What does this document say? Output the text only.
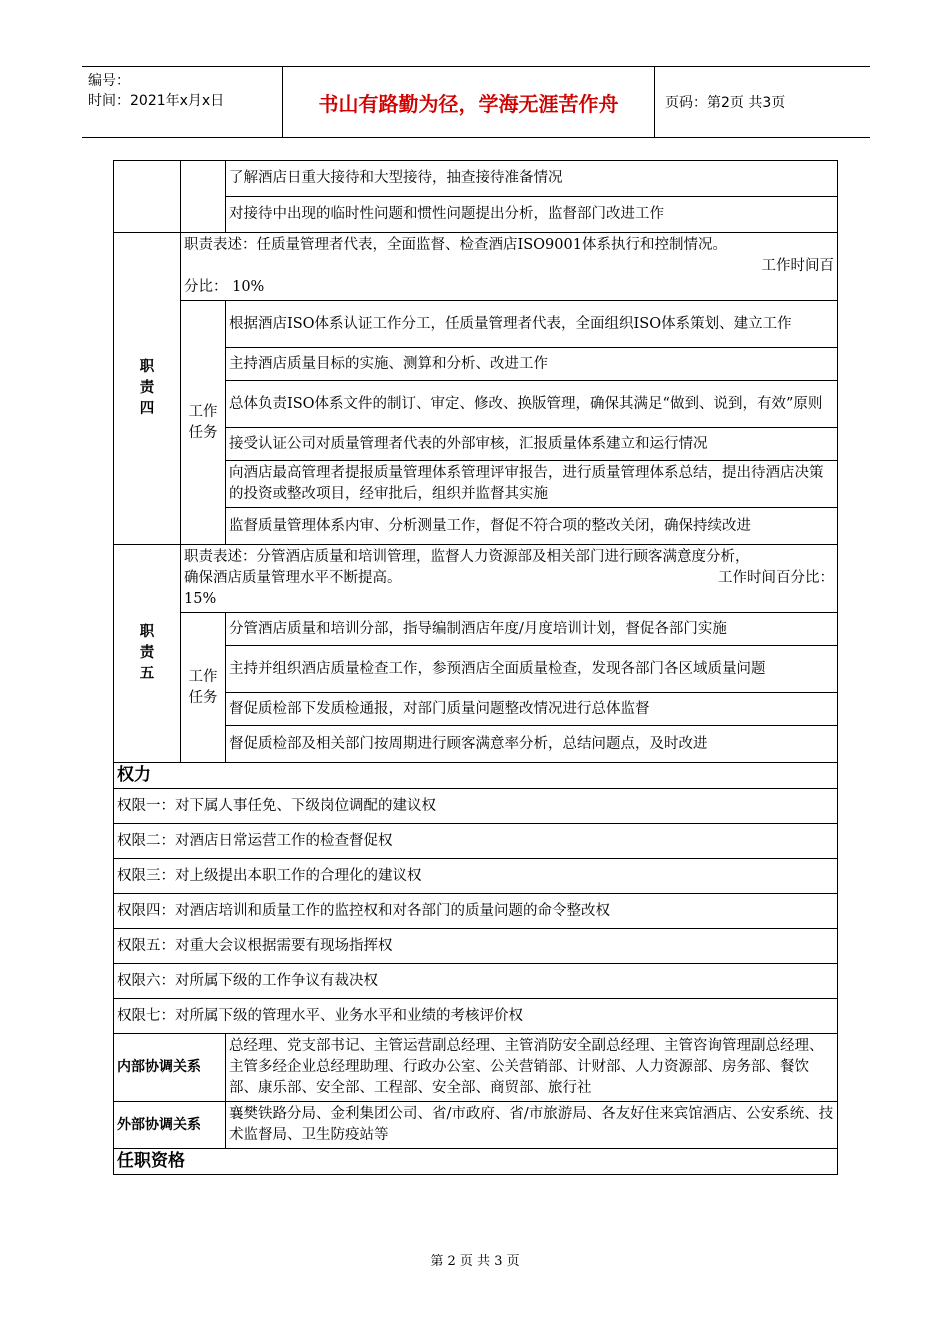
编号：
时间：2021年x月x日	书山有路勤为径，学海无涯苦作舟	页码：第2页 共3页
		了解酒店日重大接待和大型接待，抽查接待准备情况
		对接待中出现的临时性问题和惯性问题提出分析，监督部门改进工作
职责四	职责表述：任质量管理者代表，全面监督、检查酒店ISO9001体系执行和控制情况。
工作时间百
分比： 10%	

	工作任务	根据酒店ISO体系认证工作分工，任质量管理者代表，全面组织ISO体系策划、建立工作
		主持酒店质量目标的实施、测算和分析、改进工作
		总体负责ISO体系文件的制订、审定、修改、换版管理，确保其满足“做到、说到，有效”原则
		接受认证公司对质量管理者代表的外部审核，汇报质量体系建立和运行情况
		向酒店最高管理者提报质量管理体系管理评审报告，进行质量管理体系总结，提出待酒店决策的投资或整改项目，经审批后，组织并监督其实施
		监督质量管理体系内审、分析测量工作，督促不符合项的整改关闭，确保持续改进
职责五	职责表述：分管酒店质量和培训管理，监督人力资源部及相关部门进行顾客满意度分析，
确保酒店质量管理水平不断提高。 工作时间百分比：
15%	

	工作任务	分管酒店质量和培训分部，指导编制酒店年度/月度培训计划，督促各部门实施
		主持并组织酒店质量检查工作，参预酒店全面质量检查，发现各部门各区域质量问题
		督促质检部下发质检通报，对部门质量问题整改情况进行总体监督
		督促质检部及相关部门按周期进行顾客满意率分析，总结问题点，及时改进
权力		
权限一：对下属人事任免、下级岗位调配的建议权		
权限二：对酒店日常运营工作的检查督促权		
权限三：对上级提出本职工作的合理化的建议权		
权限四：对酒店培训和质量工作的监控权和对各部门的质量问题的命令整改权		
权限五：对重大会议根据需要有现场指挥权		
权限六：对所属下级的工作争议有裁决权		
权限七：对所属下级的管理水平、业务水平和业绩的考核评价权		
内部协调关系		总经理、党支部书记、主管运营副总经理、主管消防安全副总经理、主管咨询管理副总经理、主管多经企业总经理助理、行政办公室、公关营销部、计财部、人力资源部、房务部、餐饮部、康乐部、安全部、工程部、安全部、商贸部、旅行社
外部协调关系		襄樊铁路分局、金利集团公司、省/市政府、省/市旅游局、各友好住来宾馆酒店、公安系统、技术监督局、卫生防疫站等
任职资格		
第 2 页 共 3 页
